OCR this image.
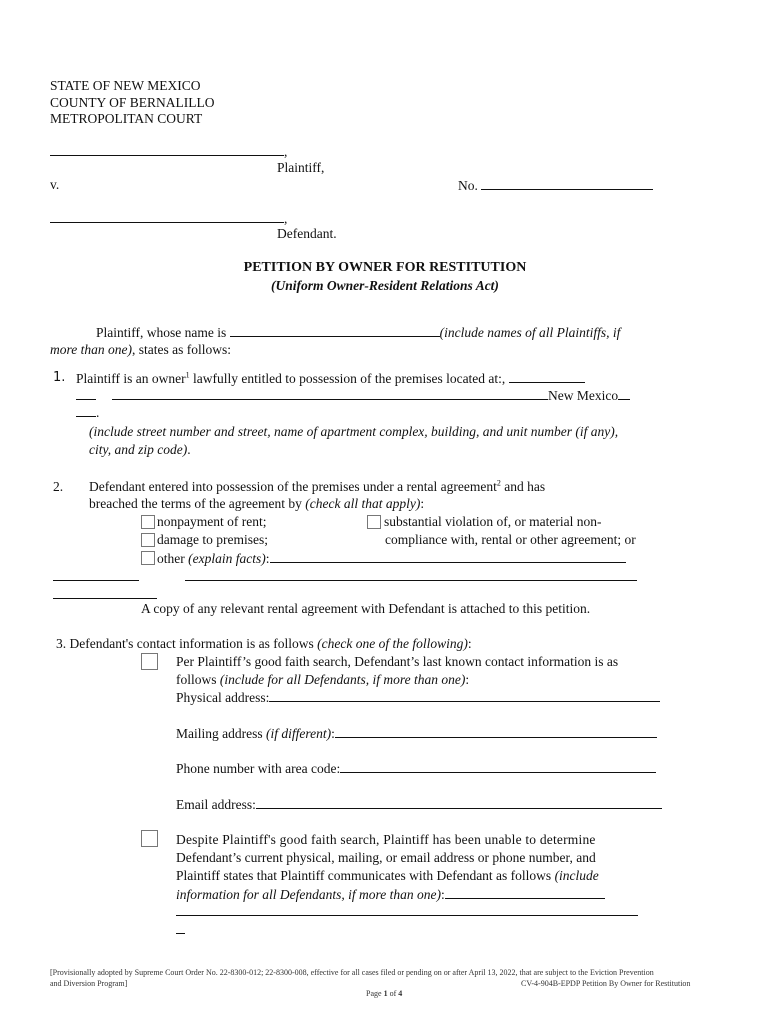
STATE OF NEW MEXICO
COUNTY OF BERNALILLO
METROPOLITAN COURT
,
Plaintiff,
v.	No.
,
Defendant.
PETITION BY OWNER FOR RESTITUTION
(Uniform Owner-Resident Relations Act)
Plaintiff, whose name is	(include names of all Plaintiffs, if
more than one), states as follows:
1. Plaintiff is an owner$^1$ lawfully entitled to possession of the premises located at:,
New Mexico
.
(include street number and street, name of apartment complex, building, and unit number (if any),
city, and zip code).
2. Defendant entered into possession of the premises under a rental agreement$^2$ and has
breached the terms of the agreement by (check all that apply):
nonpayment of rent;
damage to premises;
other (explain facts):
substantial violation of, or material non-
compliance with, rental or other agreement; or
A copy of any relevant rental agreement with Defendant is attached to this petition.
3. Defendant's contact information is as follows (check one of the following):
Per Plaintiff’s good faith search, Defendant’s last known contact information is as
follows (include for all Defendants, if more than one):
Physical address:
Mailing address (if different):
Phone number with area code:
Email address:
Despite Plaintiff's good faith search, Plaintiff has been unable to determine
Defendant’s current physical, mailing, or email address or phone number, and
Plaintiff states that Plaintiff communicates with Defendant as follows (include
information for all Defendants, if more than one):
[Provisionally adopted by Supreme Court Order No. 22-8300-012; 22-8300-008, effective for all cases filed or pending on or after April 13, 2022, that are subject to the Eviction Prevention
and Diversion Program]	CV-4-904B-EPDP Petition By Owner for Restitution
Page 1 of 4
